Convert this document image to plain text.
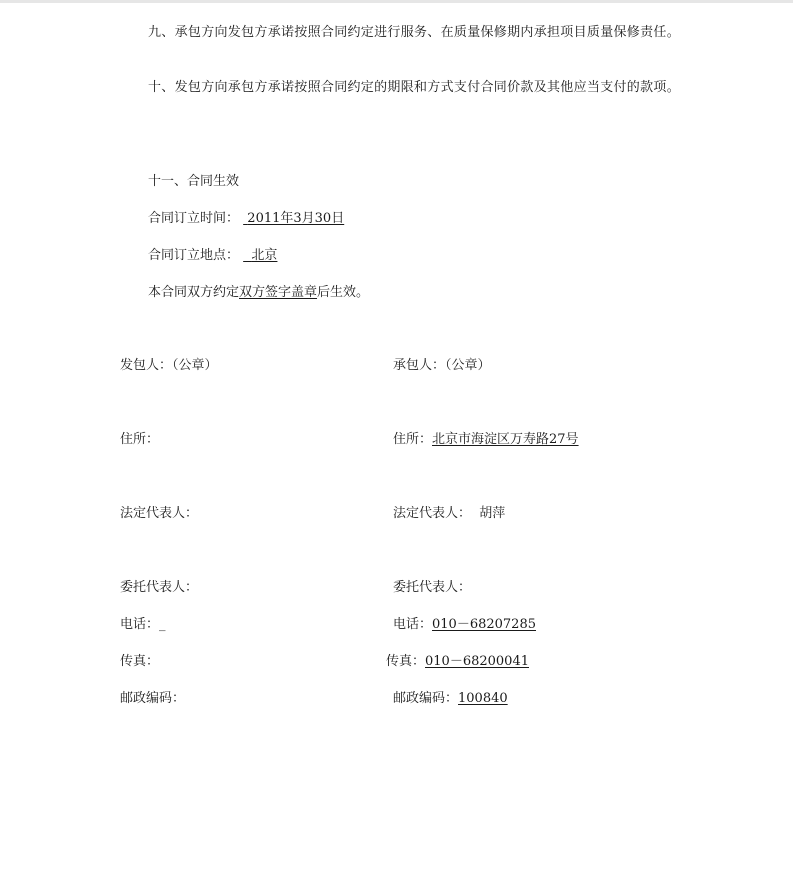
九、承包方向发包方承诺按照合同约定进行服务、在质量保修期内承担项目质量保修责任。
十、发包方向承包方承诺按照合同约定的期限和方式支付合同价款及其他应当支付的款项。
十一、合同生效
合同订立时间： 2011年3月30日
合同订立地点： 北京
本合同双方约定双方签字盖章后生效。
发包人：（公章）
住所：
法定代表人：
委托代表人：
电话：_
传真：
邮政编码：
承包人：（公章）
住所：北京市海淀区万寿路27号
法定代表人： 胡萍
委托代表人：
电话：010－68207285
传真：010－68200041
邮政编码：100840
